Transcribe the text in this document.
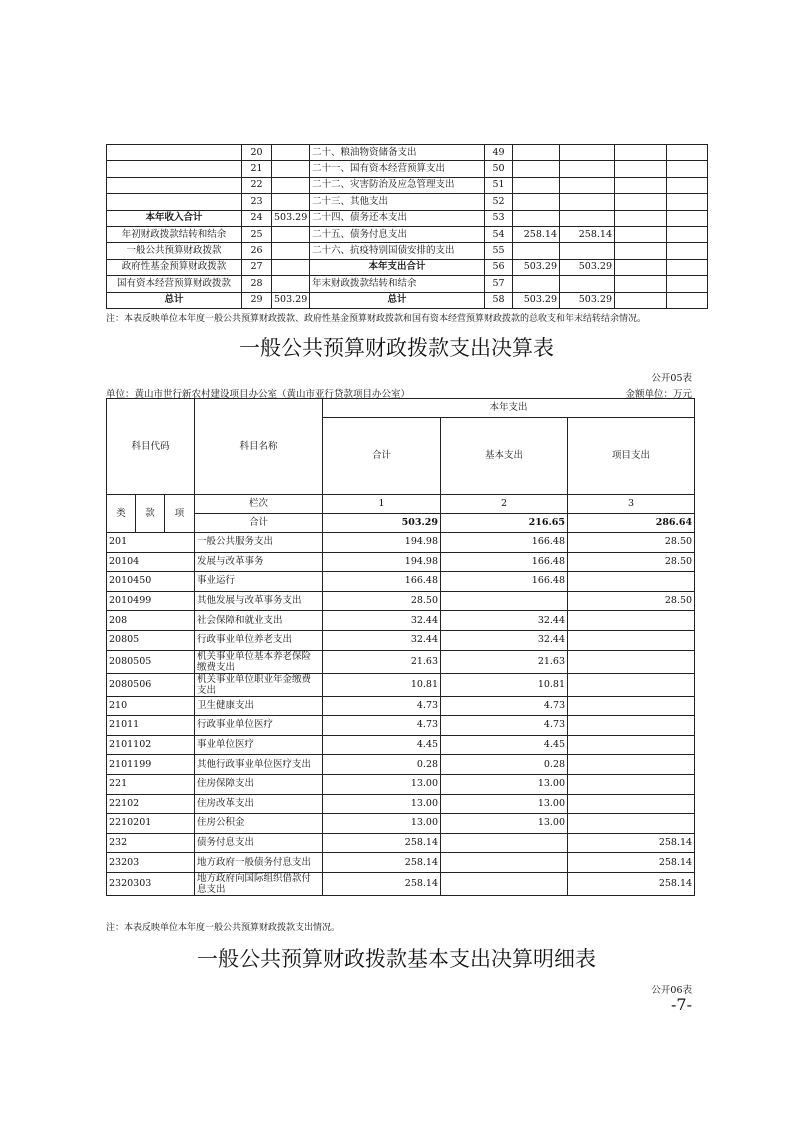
	20		二十、粮油物资储备支出	49				
	21		二十一、国有资本经营预算支出	50				
	22		二十二、灾害防治及应急管理支出	51				
	23		二十三、其他支出	52				
本年收入合计	24	503.29	二十四、债务还本支出	53				
年初财政拨款结转和结余	25		二十五、债务付息支出	54	258.14	258.14		
一般公共预算财政拨款	26		二十六、抗疫特别国债安排的支出	55				
政府性基金预算财政拨款	27		本年支出合计	56	503.29	503.29		
国有资本经营预算财政拨款	28		年末财政拨款结转和结余	57				
总计	29	503.29	总计	58	503.29	503.29		
注：本表反映单位本年度一般公共预算财政拨款、政府性基金预算财政拨款和国有资本经营预算财政拨款的总收支和年末结转结余情况。
一般公共预算财政拨款支出决算表
公开05表
单位：黄山市世行新农村建设项目办公室（黄山市亚行贷款项目办公室）	金额单位：万元
科目代码			科目名称	本年支出		
				合计	基本支出	项目支出

类	款	项	栏次	1	2	3
			合计	503.29	216.65	286.64
201			一般公共服务支出	194.98	166.48	28.50
20104			发展与改革事务	194.98	166.48	28.50
2010450			事业运行	166.48	166.48	
2010499			其他发展与改革事务支出	28.50		28.50
208			社会保障和就业支出	32.44	32.44	
20805			行政事业单位养老支出	32.44	32.44	
2080505			机关事业单位基本养老保险缴费支出	21.63	21.63	
2080506			机关事业单位职业年金缴费支出	10.81	10.81	
210			卫生健康支出	4.73	4.73	
21011			行政事业单位医疗	4.73	4.73	
2101102			事业单位医疗	4.45	4.45	
2101199			其他行政事业单位医疗支出	0.28	0.28	
221			住房保障支出	13.00	13.00	
22102			住房改革支出	13.00	13.00	
2210201			住房公积金	13.00	13.00	
232			债务付息支出	258.14		258.14
23203			地方政府一般债务付息支出	258.14		258.14
2320303			地方政府向国际组织借款付息支出	258.14		258.14
注：本表反映单位本年度一般公共预算财政拨款支出情况。
一般公共预算财政拨款基本支出决算明细表
公开06表
-7-
